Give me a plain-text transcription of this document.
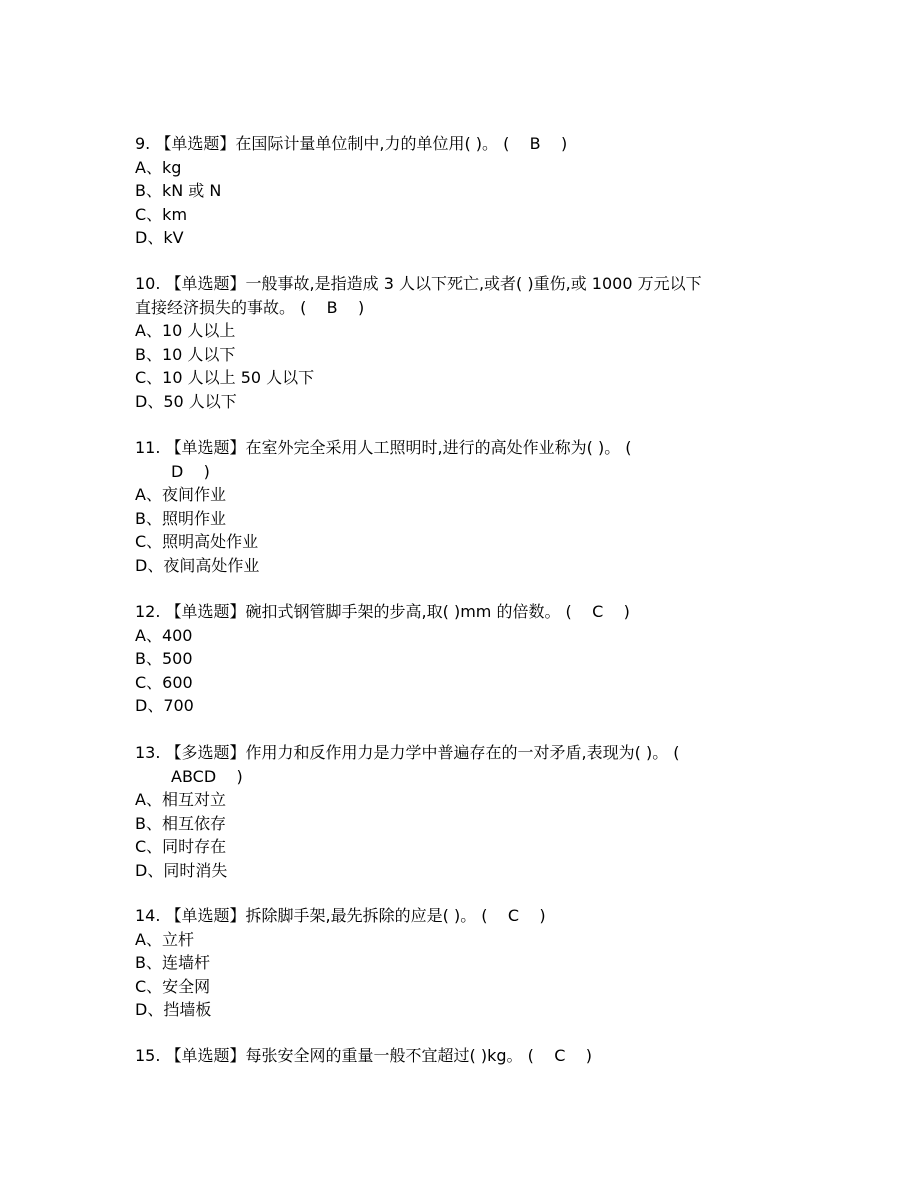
9. 【单选题】在国际计量单位制中,力的单位用( )。 (    B    )
A、kg
B、kN 或 N
C、km
D、kV
10. 【单选题】一般事故,是指造成 3 人以下死亡,或者( )重伤,或 1000 万元以下
直接经济损失的事故。 (    B    )
A、10 人以上
B、10 人以下
C、10 人以上 50 人以下
D、50 人以下
11. 【单选题】在室外完全采用人工照明时,进行的高处作业称为( )。 (
D    )
A、夜间作业
B、照明作业
C、照明高处作业
D、夜间高处作业
12. 【单选题】碗扣式钢管脚手架的步高,取( )mm 的倍数。 (    C    )
A、400
B、500
C、600
D、700
13. 【多选题】作用力和反作用力是力学中普遍存在的一对矛盾,表现为( )。 (
ABCD    )
A、相互对立
B、相互依存
C、同时存在
D、同时消失
14. 【单选题】拆除脚手架,最先拆除的应是( )。 (    C    )
A、立杆
B、连墙杆
C、安全网
D、挡墙板
15. 【单选题】每张安全网的重量一般不宜超过( )kg。 (    C    )
